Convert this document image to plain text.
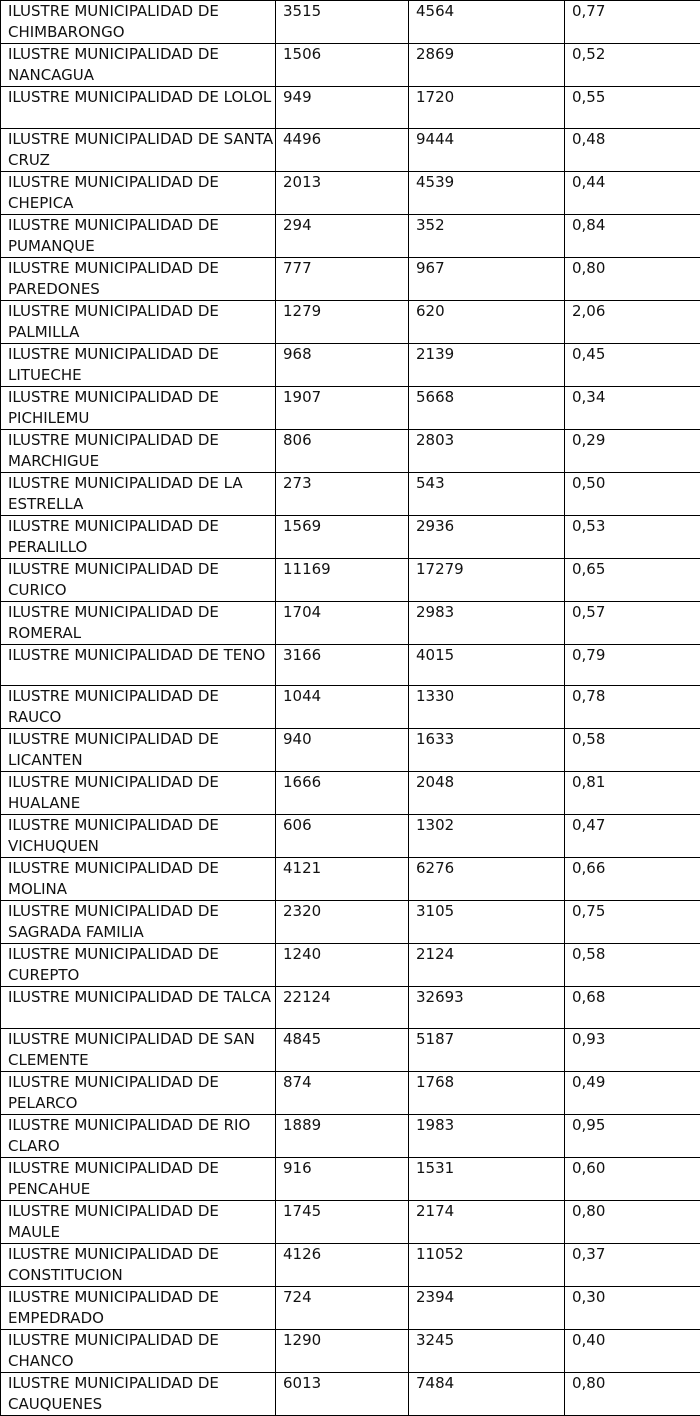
ILUSTRE MUNICIPALIDAD DE CHIMBARONGO	3515	4564	0,77
ILUSTRE MUNICIPALIDAD DE NANCAGUA	1506	2869	0,52
ILUSTRE MUNICIPALIDAD DE LOLOL	949	1720	0,55
ILUSTRE MUNICIPALIDAD DE SANTA CRUZ	4496	9444	0,48
ILUSTRE MUNICIPALIDAD DE CHEPICA	2013	4539	0,44
ILUSTRE MUNICIPALIDAD DE PUMANQUE	294	352	0,84
ILUSTRE MUNICIPALIDAD DE PAREDONES	777	967	0,80
ILUSTRE MUNICIPALIDAD DE PALMILLA	1279	620	2,06
ILUSTRE MUNICIPALIDAD DE LITUECHE	968	2139	0,45
ILUSTRE MUNICIPALIDAD DE PICHILEMU	1907	5668	0,34
ILUSTRE MUNICIPALIDAD DE MARCHIGUE	806	2803	0,29
ILUSTRE MUNICIPALIDAD DE LA ESTRELLA	273	543	0,50
ILUSTRE MUNICIPALIDAD DE PERALILLO	1569	2936	0,53
ILUSTRE MUNICIPALIDAD DE CURICO	11169	17279	0,65
ILUSTRE MUNICIPALIDAD DE ROMERAL	1704	2983	0,57
ILUSTRE MUNICIPALIDAD DE TENO	3166	4015	0,79
ILUSTRE MUNICIPALIDAD DE RAUCO	1044	1330	0,78
ILUSTRE MUNICIPALIDAD DE LICANTEN	940	1633	0,58
ILUSTRE MUNICIPALIDAD DE HUALANE	1666	2048	0,81
ILUSTRE MUNICIPALIDAD DE VICHUQUEN	606	1302	0,47
ILUSTRE MUNICIPALIDAD DE MOLINA	4121	6276	0,66
ILUSTRE MUNICIPALIDAD DE SAGRADA FAMILIA	2320	3105	0,75
ILUSTRE MUNICIPALIDAD DE CUREPTO	1240	2124	0,58
ILUSTRE MUNICIPALIDAD DE TALCA	22124	32693	0,68
ILUSTRE MUNICIPALIDAD DE SAN CLEMENTE	4845	5187	0,93
ILUSTRE MUNICIPALIDAD DE PELARCO	874	1768	0,49
ILUSTRE MUNICIPALIDAD DE RIO CLARO	1889	1983	0,95
ILUSTRE MUNICIPALIDAD DE PENCAHUE	916	1531	0,60
ILUSTRE MUNICIPALIDAD DE MAULE	1745	2174	0,80
ILUSTRE MUNICIPALIDAD DE CONSTITUCION	4126	11052	0,37
ILUSTRE MUNICIPALIDAD DE EMPEDRADO	724	2394	0,30
ILUSTRE MUNICIPALIDAD DE CHANCO	1290	3245	0,40
ILUSTRE MUNICIPALIDAD DE CAUQUENES	6013	7484	0,80
